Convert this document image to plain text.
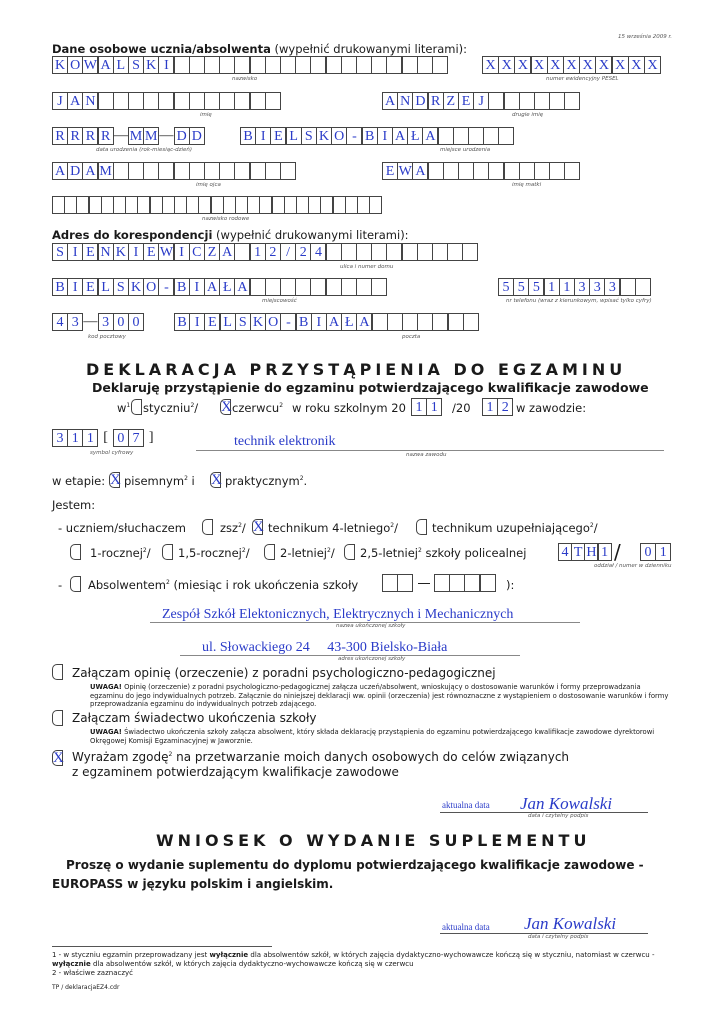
15 września 2009 r.
Dane osobowe ucznia/absolwenta (wypełnić drukowanymi literami):
K O W A L S K I
nazwisko
X X X X X X X X X X X
numer ewidencyjny PESEL
J A N
imię
A N D R Z E J
drugie imię
R R R R — M M — D D
data urodzenia (rok-miesiąc-dzień)
B I E L S K O - B I A Ł A
miejsce urodzenia
A D A M
imię ojca
E W A
imię matki
nazwisko rodowe
Adres do korespondencji (wypełnić drukowanymi literami):
S I E N K I E W I C Z A	1 2 / 2 4
ulica i numer domu
B I E L S K O - B I A Ł A
miejscowość
5 5 5 1 1 3 3 3
nr telefonu (wraz z kierunkowym, wpisać tylko cyfry)
4 3 — 3 0 0
kod pocztowy
B I E L S K O - B I A Ł A
poczta
DEKLARACJA PRZYSTĄPIENIA DO EGZAMINU
Deklaruję przystąpienie do egzaminu potwierdzającego kwalifikacje zawodowe
$w^1$ styczniu$^2$/ X czerwcu$^2$ w roku szkolnym 20 1 1	/20	1 2 w zawodzie:
3 1 1 [ 0 7 ]
symbol cyfrowy
technik elektronik
nazwa zawodu
w etapie: X pisemnym$^2$ i X praktycznym$^2$.
Jestem:
- uczniem/słuchaczem	zsz$^2$/ X technikum 4-letniego$^2$/	technikum uzupełniającego$^2$/
1-rocznej$^2$/ 1,5-rocznej$^2$/	2-letniej$^2$/ 2,5-letniej$^2$ szkoły policealnej	4 T H 1 /	0 1
oddział / numer w dzienniku
- Absolwentem$^2$ (miesiąc i rok ukończenia szkoły	):
Zespół Szkół Elektonicznych, Elektrycznych i Mechanicznych
nazwa ukończonej szkoły
ul. Słowackiego 24     43-300 Bielsko-Biała
adres ukończonej szkoły
Załączam opinię (orzeczenie) z poradni psychologiczno-pedagogicznej
UWAGA! Opinię (orzeczenie) z poradni psychologiczno-pedagogicznej załącza uczeń/absolwent, wnioskujący o dostosowanie warunków i formy przeprowadzania egzaminu do jego indywidualnych potrzeb. Załącznie do niniejszej deklaracji ww. opinii (orzeczenia) jest równoznaczne z wystąpieniem o dostosowanie warunków i formy przeprowadzania egzaminu do indywidualnych potrzeb zdającego.
Załączam świadectwo ukończenia szkoły
UWAGA! Świadectwo ukończenia szkoły załącza absolwent, który składa deklarację przystąpienia do egzaminu potwierdzającego kwalifikacje zawodowe dyrektorowi Okręgowej Komisji Egzaminacyjnej w Jaworznie.
X Wyrażam zgodę$^2$ na przetwarzanie moich danych osobowych do celów związanych
z egzaminem potwierdzającym kwalifikacje zawodowe
aktualna data Jan Kowalski
data i czytelny podpis
WNIOSEK O WYDANIE SUPLEMENTU
Proszę o wydanie suplementu do dyplomu potwierdzającego kwalifikacje zawodowe -
EUROPASS w języku polskim i angielskim.
aktualna data Jan Kowalski
data i czytelny podpis
1 - w styczniu egzamin przeprowadzany jest wyłącznie dla absolwentów szkół, w których zajęcia dydaktyczno-wychowawcze kończą się w styczniu, natomiast w czerwcu - wyłącznie dla absolwentów szkół, w których zajęcia dydaktyczno-wychowawcze kończą się w czerwcu
2 - właściwe zaznaczyć
TP / deklaracjaEZ4.cdr
